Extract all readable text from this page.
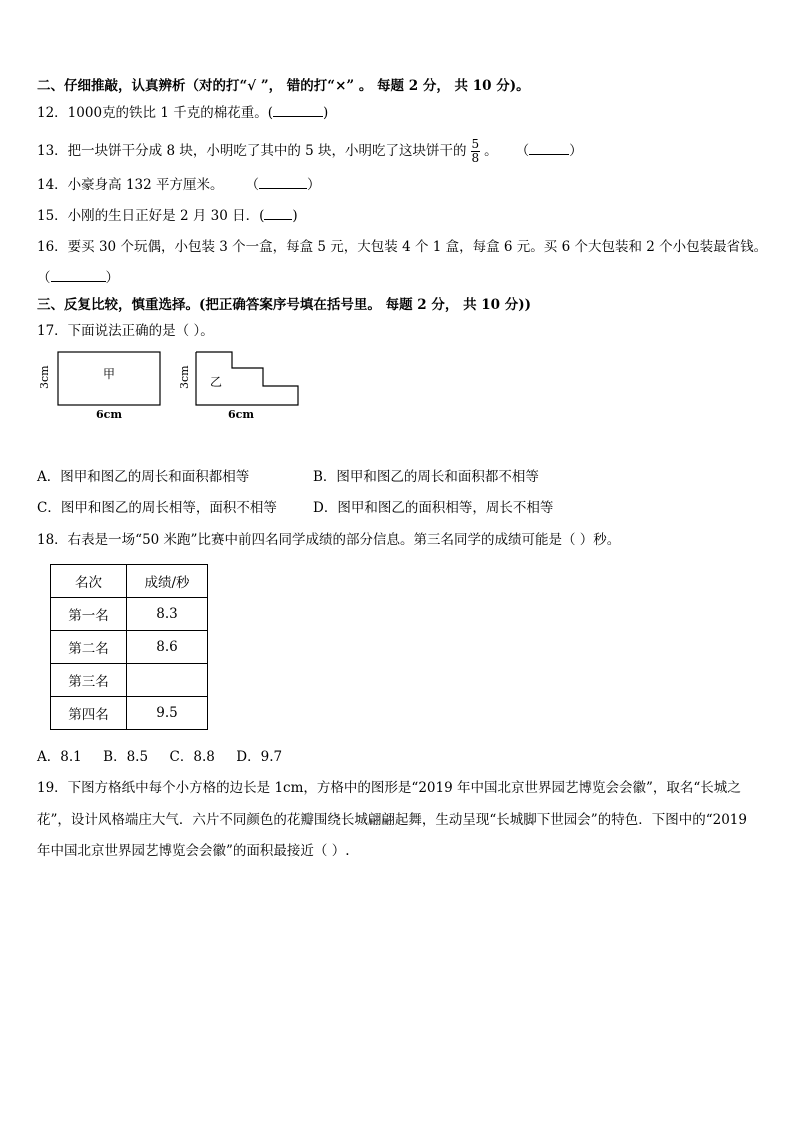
二、仔细推敲，认真辨析（对的打“√ ”， 错的打“×” 。 每题 2 分， 共 10 分)。
12．1000克的铁比 1 千克的棉花重。(	)
13．把一块饼干分成 8 块，小明吃了其中的 5 块，小明吃了这块饼干的 $\frac{5}{8}$ 。 （	）
14．小豪身高 132 平方厘米。 （	）
15．小刚的生日正好是 2 月 30 日．( )
16．要买 30 个玩偶，小包装 3 个一盒，每盒 5 元，大包装 4 个 1 盒，每盒 6 元。买 6 个大包装和 2 个小包装最省钱。
（	）
三、反复比较，慎重选择。(把正确答案序号填在括号里。 每题 2 分， 共 10 分))
17．下面说法正确的是（ ）。
甲
3cm
6cm
乙
3cm
6cm
A．图甲和图乙的周长和面积都相等	B．图甲和图乙的周长和面积都不相等
C．图甲和图乙的周长相等，面积不相等	D．图甲和图乙的面积相等，周长不相等
18．右表是一场“50 米跑”比赛中前四名同学成绩的部分信息。第三名同学的成绩可能是（ ）秒。
名次	成绩/秒
第一名	8.3
第二名	8.6
第三名	
第四名	9.5
A．8.1     B．8.5     C．8.8     D．9.7
19．下图方格纸中每个小方格的边长是 1cm，方格中的图形是“2019 年中国北京世界园艺博览会会徽”，取名“长城之
花”，设计风格端庄大气．六片不同颜色的花瓣围绕长城翩翩起舞，生动呈现“长城脚下世园会”的特色．下图中的“2019
年中国北京世界园艺博览会会徽”的面积最接近（ ）.
